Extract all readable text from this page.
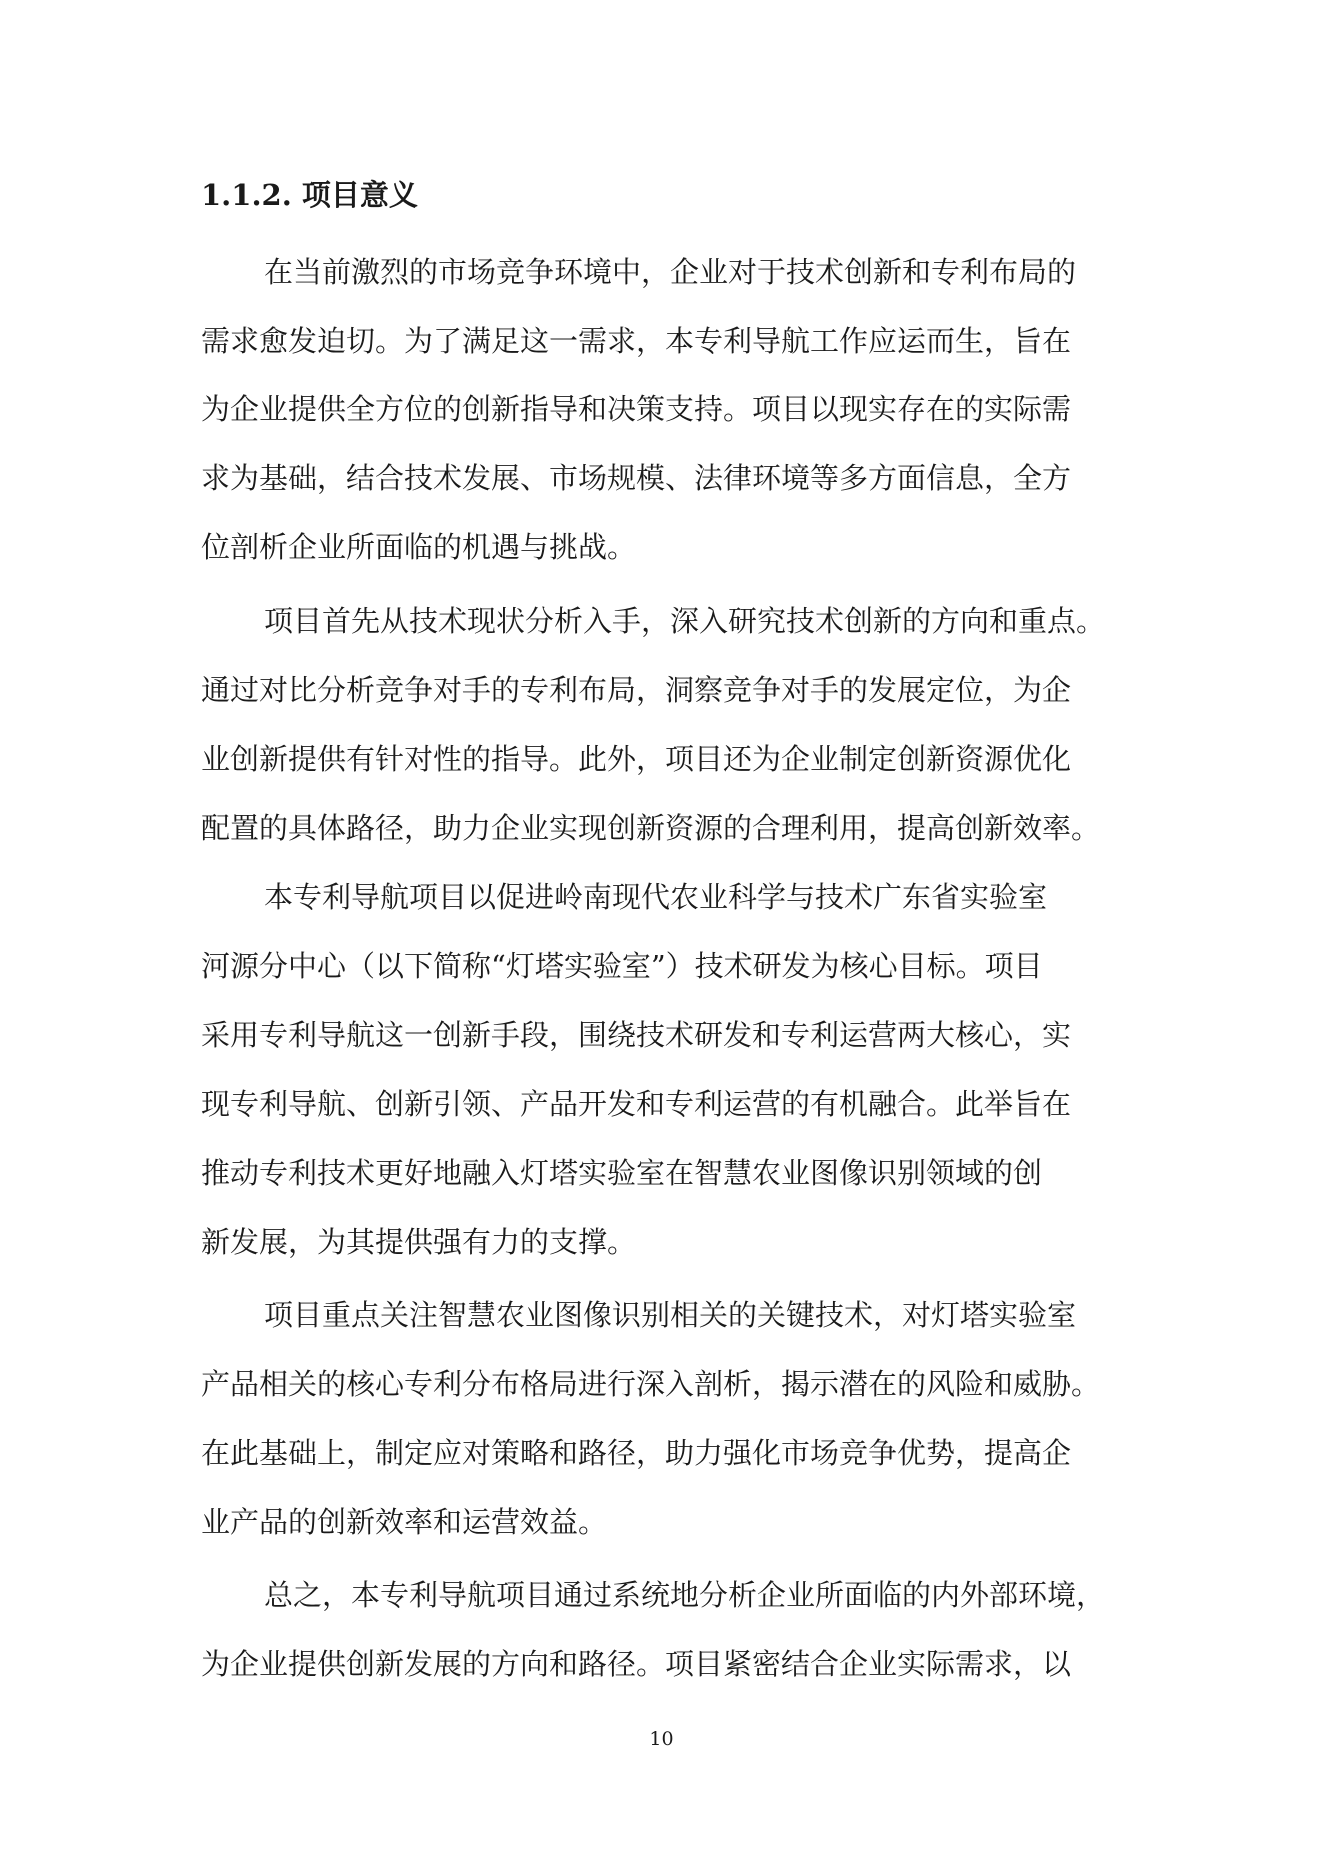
1.1.2. 项目意义
在当前激烈的市场竞争环境中，企业对于技术创新和专利布局的
需求愈发迫切。为了满足这一需求，本专利导航工作应运而生，旨在
为企业提供全方位的创新指导和决策支持。项目以现实存在的实际需
求为基础，结合技术发展、市场规模、法律环境等多方面信息，全方
位剖析企业所面临的机遇与挑战。
项目首先从技术现状分析入手，深入研究技术创新的方向和重点。
通过对比分析竞争对手的专利布局，洞察竞争对手的发展定位，为企
业创新提供有针对性的指导。此外，项目还为企业制定创新资源优化
配置的具体路径，助力企业实现创新资源的合理利用，提高创新效率。
本专利导航项目以促进岭南现代农业科学与技术广东省实验室
河源分中心（以下简称“灯塔实验室”）技术研发为核心目标。项目
采用专利导航这一创新手段，围绕技术研发和专利运营两大核心，实
现专利导航、创新引领、产品开发和专利运营的有机融合。此举旨在
推动专利技术更好地融入灯塔实验室在智慧农业图像识别领域的创
新发展，为其提供强有力的支撑。
项目重点关注智慧农业图像识别相关的关键技术，对灯塔实验室
产品相关的核心专利分布格局进行深入剖析，揭示潜在的风险和威胁。
在此基础上，制定应对策略和路径，助力强化市场竞争优势，提高企
业产品的创新效率和运营效益。
总之，本专利导航项目通过系统地分析企业所面临的内外部环境，
为企业提供创新发展的方向和路径。项目紧密结合企业实际需求，以
10
